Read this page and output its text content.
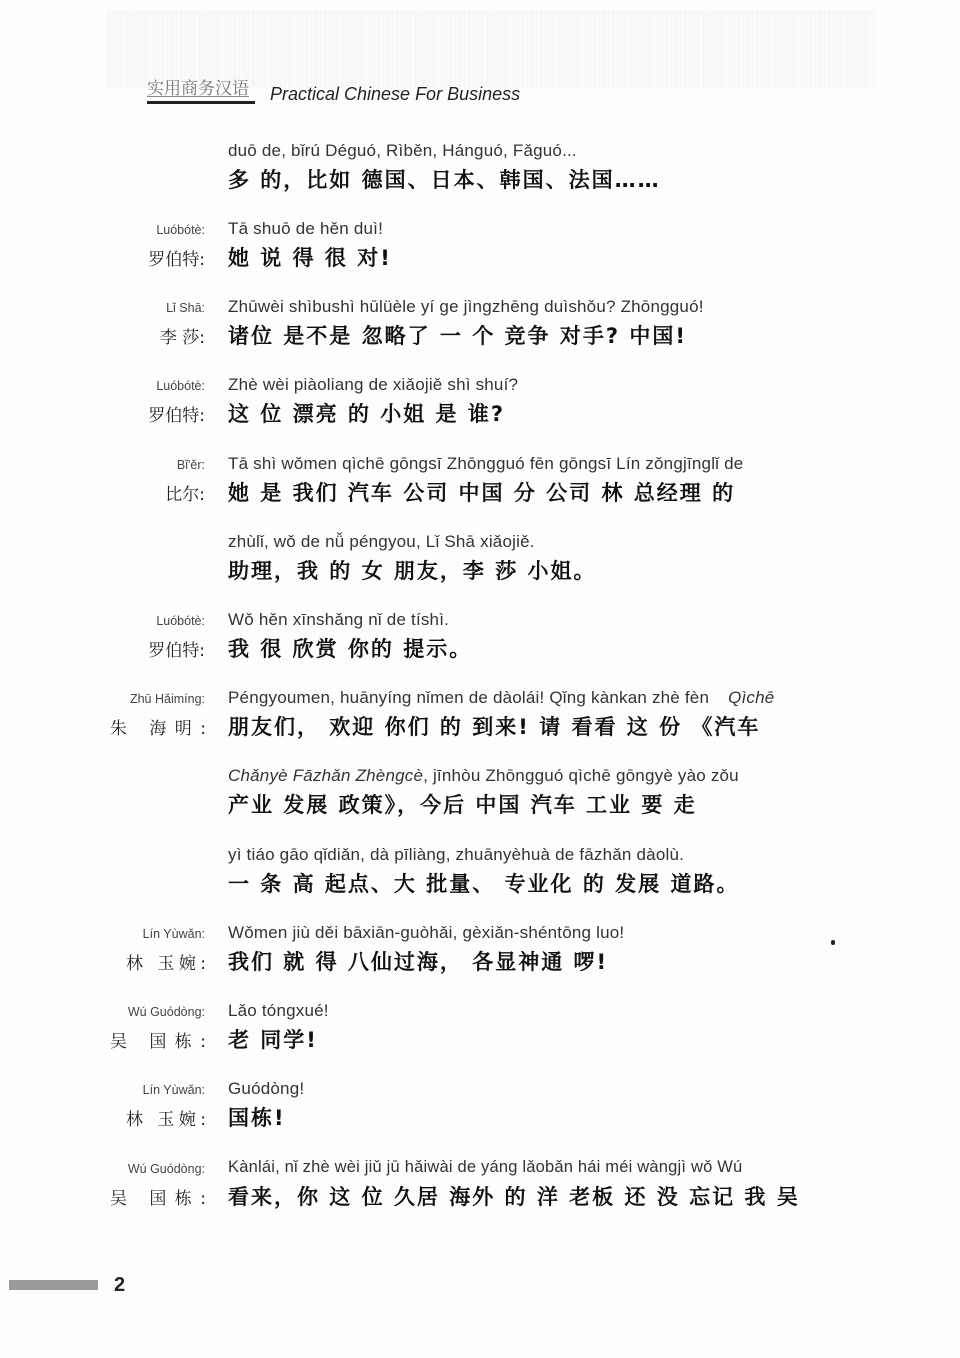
实用商务汉语 Practical Chinese For Business
duō de, bǐrú Déguó, Rìběn, Hánguó, Fǎguó...
多 的，比如 德国、日本、韩国、法国……
Luóbótè:
罗伯特:
Tā shuō de hěn duì!
她 说 得 很 对!
Lǐ Shā:
李 莎:
Zhūwèi shìbushì hūlüèle yí ge jìngzhēng duìshǒu? Zhōngguó!
诸位 是不是 忽略了 一 个 竞争 对手? 中国!
Luóbótè:
罗伯特:
Zhè wèi piàoliang de xiǎojiě shì shuí?
这 位 漂亮 的 小姐 是 谁?
Bǐ'ěr:
比尔:
Tā shì wǒmen qìchē gōngsī Zhōngguó fēn gōngsī Lín zǒngjīnglǐ de
她 是 我们 汽车 公司 中国 分 公司 林 总经理 的
zhùlǐ, wǒ de nǚ péngyou, Lǐ Shā xiǎojiě.
助理，我 的 女 朋友，李 莎 小姐。
Luóbótè:
罗伯特:
Wǒ hěn xīnshǎng nǐ de tíshì.
我 很 欣赏 你的 提示。
Zhū Hǎimíng:
朱 海明:
Péngyoumen, huānyíng nǐmen de dàolái! Qǐng kànkan zhè fèn Qìchē
朋友们， 欢迎 你们 的 到来! 请 看看 这 份 《汽车
Chǎnyè Fāzhǎn Zhèngcè, jīnhòu Zhōngguó qìchē gōngyè yào zǒu
产业 发展 政策》，今后 中国 汽车 工业 要 走
yì tiáo gāo qǐdiǎn, dà pīliàng, zhuānyèhuà de fāzhǎn dàolù.
一 条 高 起点、大 批量、 专业化 的 发展 道路。
Lín Yùwǎn:
林 玉婉:
Wǒmen jiù děi bāxiān-guòhǎi, gèxiǎn-shéntōng luo!
我们 就 得 八仙过海， 各显神通 啰!
Wú Guódòng:
吴 国栋:
Lǎo tóngxué!
老 同学!
Lín Yùwǎn:
林 玉婉:
Guódòng!
国栋!
Wú Guódòng:
吴 国栋:
Kànlái, nǐ zhè wèi jiǔ jū hǎiwài de yáng lǎobǎn hái méi wàngjì wǒ Wú
看来，你 这 位 久居 海外 的 洋 老板 还 没 忘记 我 吴
2
